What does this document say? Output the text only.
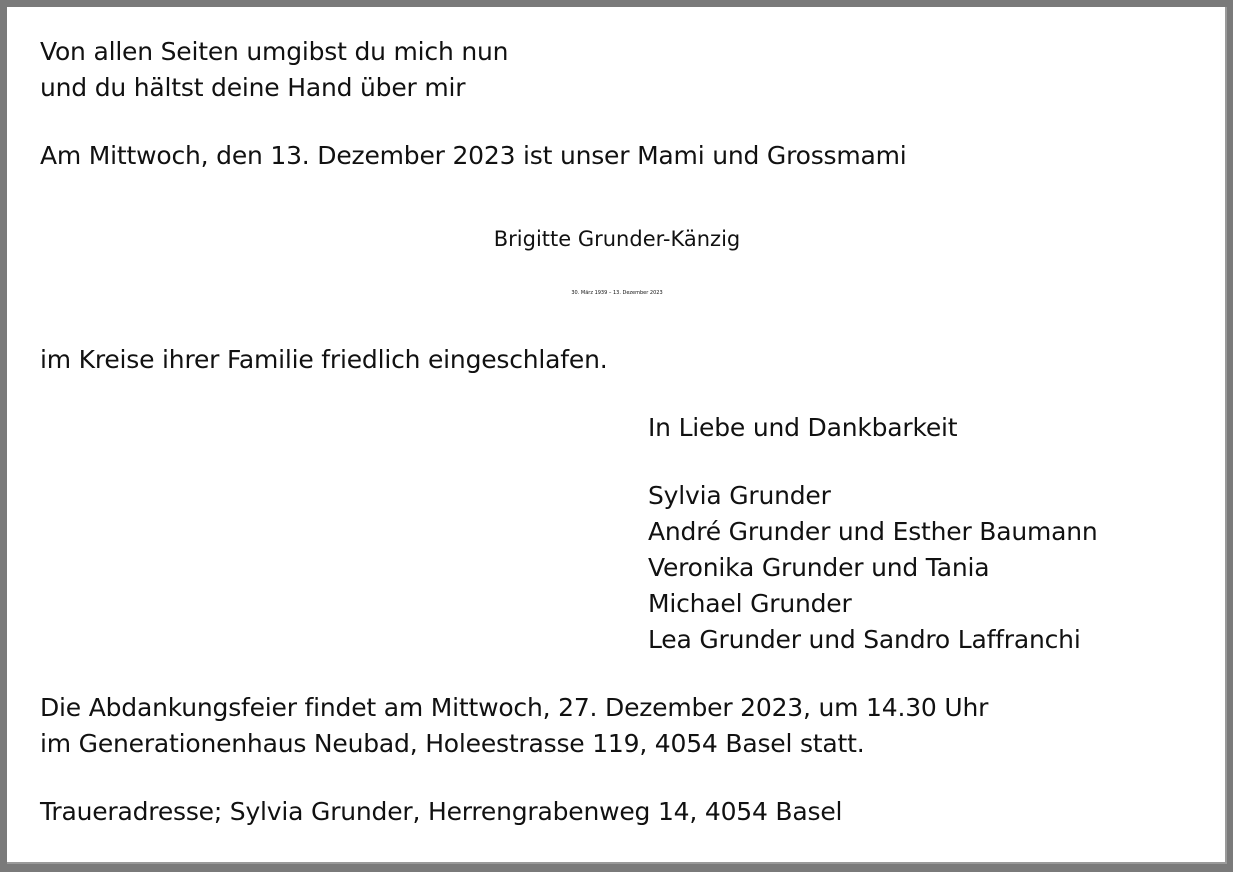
Von allen Seiten umgibst du mich nun
und du hältst deine Hand über mir
Am Mittwoch, den 13. Dezember 2023 ist unser Mami und Grossmami
Brigitte Grunder-Känzig
30. März 1939 – 13. Dezember 2023
im Kreise ihrer Familie friedlich eingeschlafen.
In Liebe und Dankbarkeit
Sylvia Grunder
André Grunder und Esther Baumann
Veronika Grunder und Tania
Michael Grunder
Lea Grunder und Sandro Laffranchi
Die Abdankungsfeier findet am Mittwoch, 27. Dezember 2023, um 14.30 Uhr
im Generationenhaus Neubad, Holeestrasse 119, 4054 Basel statt.
Traueradresse; Sylvia Grunder, Herrengrabenweg 14, 4054 Basel
